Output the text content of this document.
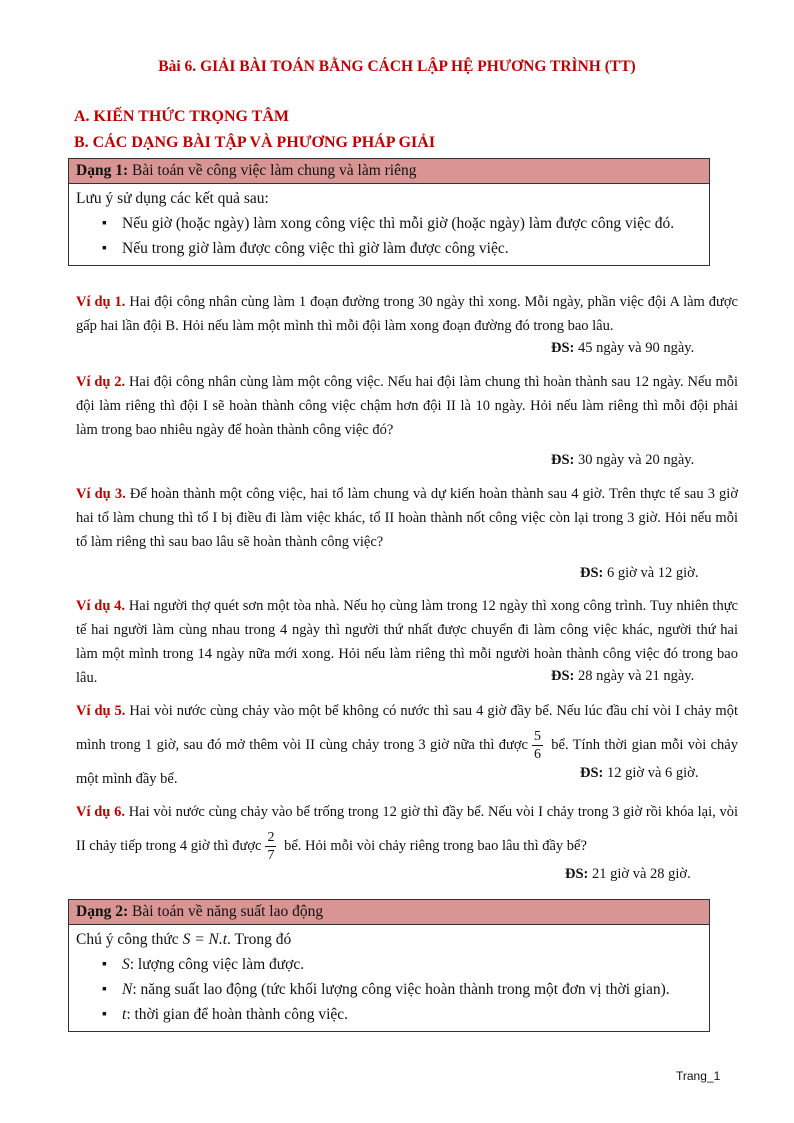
Bài 6. GIẢI BÀI TOÁN BẰNG CÁCH LẬP HỆ PHƯƠNG TRÌNH (TT)
A. KIẾN THỨC TRỌNG TÂM
B. CÁC DẠNG BÀI TẬP VÀ PHƯƠNG PHÁP GIẢI
Dạng 1: Bài toán về công việc làm chung và làm riêng
Lưu ý sử dụng các kết quả sau:
▪ Nếu giờ (hoặc ngày) làm xong công việc thì mỗi giờ (hoặc ngày) làm được công việc đó.
▪ Nếu trong giờ làm được công việc thì giờ làm được công việc.
Ví dụ 1. Hai đội công nhân cùng làm 1 đoạn đường trong 30 ngày thì xong. Mỗi ngày, phần việc đội A làm được gấp hai lần đội B. Hỏi nếu làm một mình thì mỗi đội làm xong đoạn đường đó trong bao lâu.
ĐS: 45 ngày và 90 ngày.
Ví dụ 2. Hai đội công nhân cùng làm một công việc. Nếu hai đội làm chung thì hoàn thành sau 12 ngày. Nếu mỗi đội làm riêng thì đội I sẽ hoàn thành công việc chậm hơn đội II là 10 ngày. Hỏi nếu làm riêng thì mỗi đội phải làm trong bao nhiêu ngày để hoàn thành công việc đó?
ĐS: 30 ngày và 20 ngày.
Ví dụ 3. Để hoàn thành một công việc, hai tổ làm chung và dự kiến hoàn thành sau 4 giờ. Trên thực tế sau 3 giờ hai tổ làm chung thì tổ I bị điều đi làm việc khác, tổ II hoàn thành nốt công việc còn lại trong 3 giờ. Hỏi nếu mỗi tổ làm riêng thì sau bao lâu sẽ hoàn thành công việc?
ĐS: 6 giờ và 12 giờ.
Ví dụ 4. Hai người thợ quét sơn một tòa nhà. Nếu họ cùng làm trong 12 ngày thì xong công trình. Tuy nhiên thực tế hai người làm cùng nhau trong 4 ngày thì người thứ nhất được chuyển đi làm công việc khác, người thứ hai làm một mình trong 14 ngày nữa mới xong. Hỏi nếu làm riêng thì mỗi người hoàn thành công việc đó trong bao lâu.	ĐS: 28 ngày và 21 ngày.
Ví dụ 5. Hai vòi nước cùng chảy vào một bể không có nước thì sau 4 giờ đầy bể. Nếu lúc đầu chỉ vòi I chảy một mình trong 1 giờ, sau đó mở thêm vòi II cùng chảy trong 3 giờ nữa thì được $\frac{5}{6}$ bể. Tính thời gian mỗi vòi chảy một mình đầy bể.	ĐS: 12 giờ và 6 giờ.
Ví dụ 6. Hai vòi nước cùng chảy vào bể trống trong 12 giờ thì đầy bể. Nếu vòi I chảy trong 3 giờ rồi khóa lại, vòi II chảy tiếp trong 4 giờ thì được $\frac{2}{7}$ bể. Hỏi mỗi vòi chảy riêng trong bao lâu thì đầy bể?
ĐS: 21 giờ và 28 giờ.
Dạng 2: Bài toán về năng suất lao động
Chú ý công thức S = N.t. Trong đó
▪ S: lượng công việc làm được.
▪ N: năng suất lao động (tức khối lượng công việc hoàn thành trong một đơn vị thời gian).
▪ t: thời gian để hoàn thành công việc.
Trang_1
